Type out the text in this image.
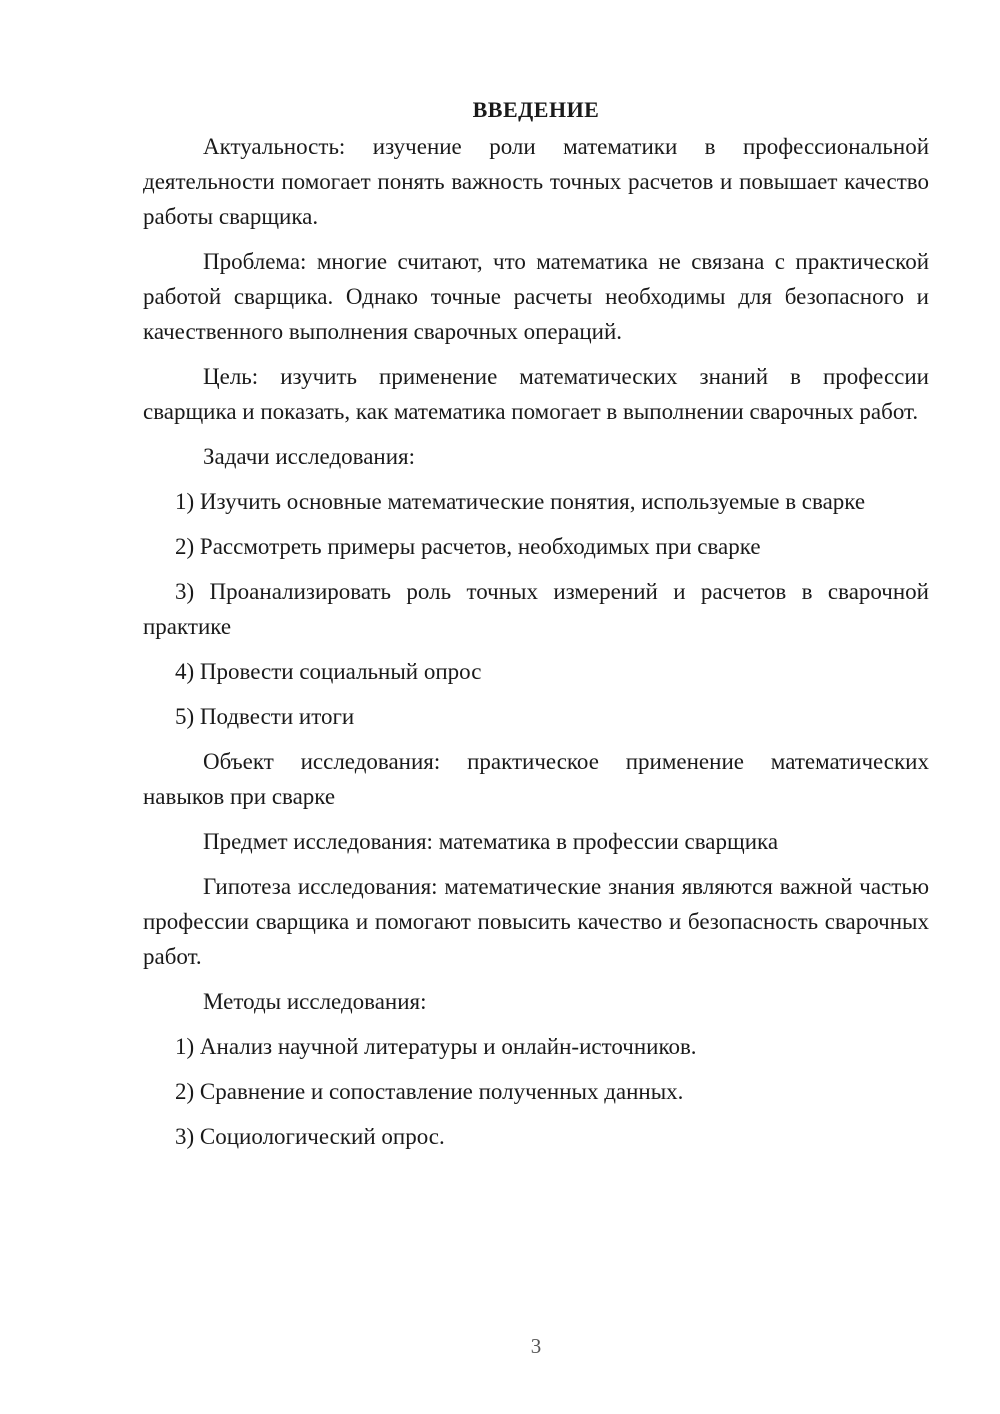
ВВЕДЕНИЕ

Актуальность: изучение роли математики в профессиональной деятельности помогает понять важность точных расчетов и повышает качество работы сварщика.

Проблема: многие считают, что математика не связана с практической работой сварщика. Однако точные расчеты необходимы для безопасного и качественного выполнения сварочных операций.

Цель: изучить применение математических знаний в профессии сварщика и показать, как математика помогает в выполнении сварочных работ.

Задачи исследования:

1) Изучить основные математические понятия, используемые в сварке

2) Рассмотреть примеры расчетов, необходимых при сварке

3) Проанализировать роль точных измерений и расчетов в сварочной практике

4) Провести социальный опрос

5) Подвести итоги

Объект исследования: практическое применение математических навыков при сварке

Предмет исследования: математика в профессии сварщика

Гипотеза исследования: математические знания являются важной частью профессии сварщика и помогают повысить качество и безопасность сварочных работ.

Методы исследования:

1) Анализ научной литературы и онлайн-источников.

2) Сравнение и сопоставление полученных данных.

3) Социологический опрос.

3
